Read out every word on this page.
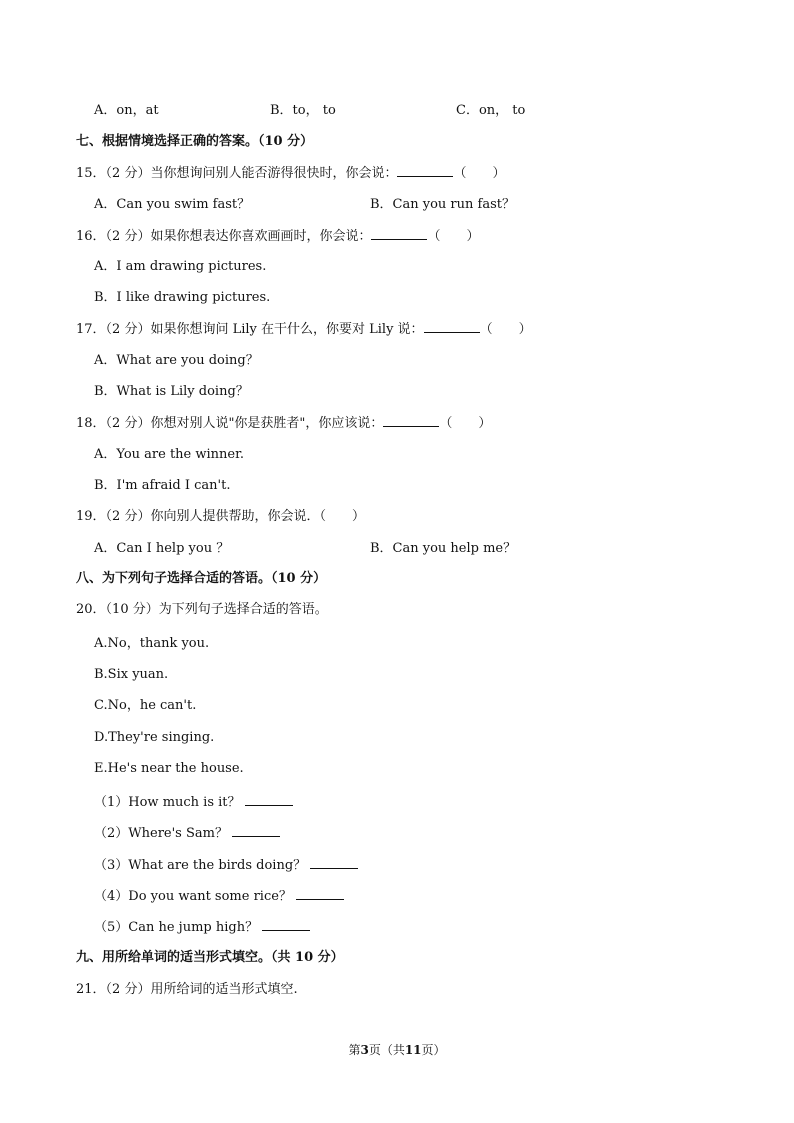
A．on，at	B．to， to	C．on， to
七、根据情境选择正确的答案。（10 分）
15．（2 分）当你想询问别人能否游得很快时，你会说：	（　　）
A．Can you swim fast？	B．Can you run fast？
16．（2 分）如果你想表达你喜欢画画时，你会说：	（　　）
A．I am drawing pictures.
B．I like drawing pictures.
17．（2 分）如果你想询问 Lily 在干什么，你要对 Lily 说：	（　　）
A．What are you doing？
B．What is Lily doing？
18．（2 分）你想对别人说"你是获胜者"，你应该说：	（　　）
A．You are the winner.
B．I'm afraid I can't.
19．（2 分）你向别人提供帮助，你会说．（　　）
A．Can I help you ？	B．Can you help me？
八、为下列句子选择合适的答语。（10 分）
20．（10 分）为下列句子选择合适的答语。
A.No，thank you.
B.Six yuan.
C.No，he can't.
D.They're singing.
E.He's near the house.
（1）How much is it？
（2）Where's Sam？
（3）What are the birds doing？
（4）Do you want some rice？
（5）Can he jump high？
九、用所给单词的适当形式填空。（共 10 分）
21．（2 分）用所给词的适当形式填空.
第3页（共11页）
